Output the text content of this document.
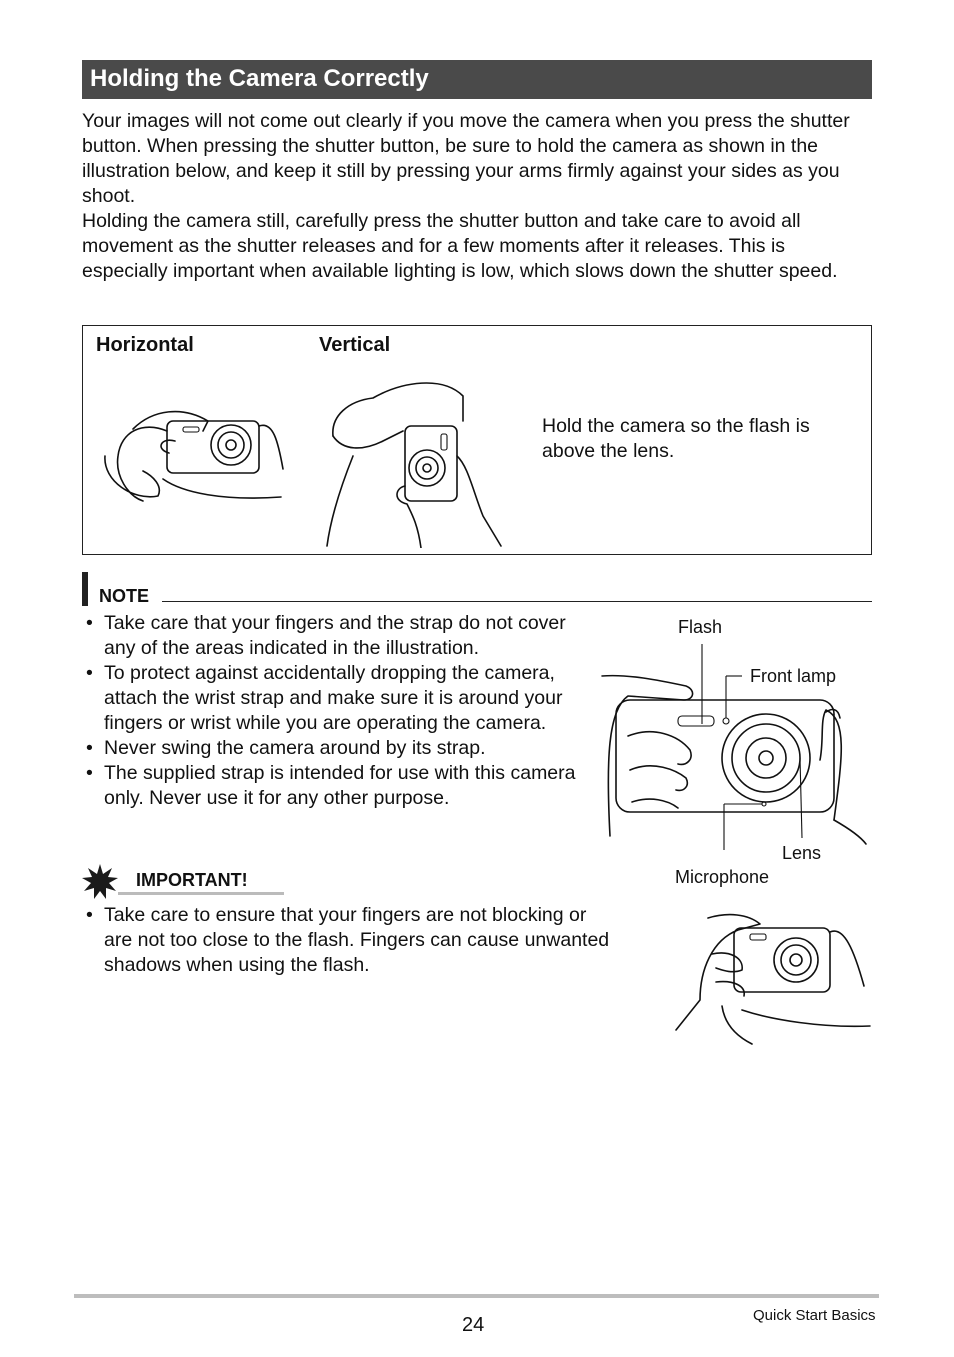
Holding the Camera Correctly

Your images will not come out clearly if you move the camera when you press the shutter button. When pressing the shutter button, be sure to hold the camera as shown in the illustration below, and keep it still by pressing your arms firmly against your sides as you shoot.

Holding the camera still, carefully press the shutter button and take care to avoid all movement as the shutter releases and for a few moments after it releases. This is especially important when available lighting is low, which slows down the shutter speed.

Horizontal	Vertical
Hold the camera so the flash is above the lens.
NOTE
• Take care that your fingers and the strap do not cover any of the areas indicated in the illustration.
• To protect against accidentally dropping the camera, attach the wrist strap and make sure it is around your fingers or wrist while you are operating the camera.
• Never swing the camera around by its strap.
• The supplied strap is intended for use with this camera only. Never use it for any other purpose.
Flash
Front lamp
Lens
Microphone
IMPORTANT!
• Take care to ensure that your fingers are not blocking or are not too close to the flash. Fingers can cause unwanted shadows when using the flash.
24	Quick Start Basics
